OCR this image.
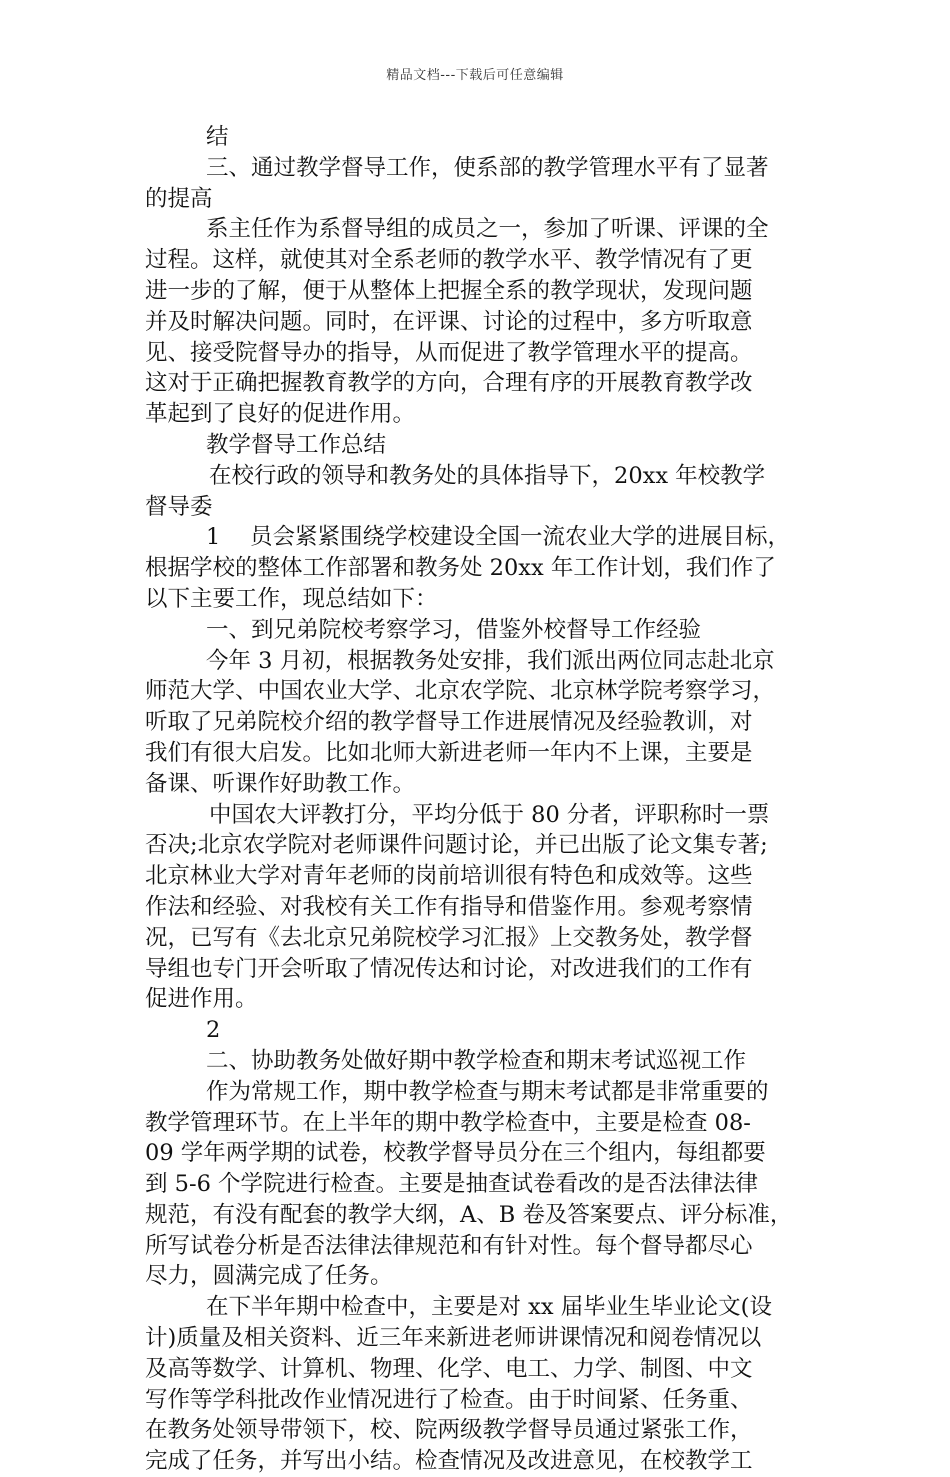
精品文档---下载后可任意编辑
结
三、通过教学督导工作，使系部的教学管理水平有了显著
的提高
系主任作为系督导组的成员之一，参加了听课、评课的全
过程。这样，就使其对全系老师的教学水平、教学情况有了更
进一步的了解，便于从整体上把握全系的教学现状，发现问题
并及时解决问题。同时，在评课、讨论的过程中，多方听取意
见、接受院督导办的指导，从而促进了教学管理水平的提高。
这对于正确把握教育教学的方向，合理有序的开展教育教学改
革起到了良好的促进作用。
教学督导工作总结
在校行政的领导和教务处的具体指导下，20xx 年校教学
督导委
1　 员会紧紧围绕学校建设全国一流农业大学的进展目标，
根据学校的整体工作部署和教务处 20xx 年工作计划，我们作了
以下主要工作，现总结如下：
一、到兄弟院校考察学习，借鉴外校督导工作经验
今年 3 月初，根据教务处安排，我们派出两位同志赴北京
师范大学、中国农业大学、北京农学院、北京林学院考察学习，
听取了兄弟院校介绍的教学督导工作进展情况及经验教训，对
我们有很大启发。比如北师大新进老师一年内不上课，主要是
备课、听课作好助教工作。
中国农大评教打分，平均分低于 80 分者，评职称时一票
否决;北京农学院对老师课件问题讨论，并已出版了论文集专著;
北京林业大学对青年老师的岗前培训很有特色和成效等。这些
作法和经验、对我校有关工作有指导和借鉴作用。参观考察情
况，已写有《去北京兄弟院校学习汇报》上交教务处，教学督
导组也专门开会听取了情况传达和讨论，对改进我们的工作有
促进作用。
2
二、协助教务处做好期中教学检查和期末考试巡视工作
作为常规工作，期中教学检查与期末考试都是非常重要的
教学管理环节。在上半年的期中教学检查中，主要是检查 08-
09 学年两学期的试卷，校教学督导员分在三个组内，每组都要
到 5-6 个学院进行检查。主要是抽查试卷看改的是否法律法律
规范，有没有配套的教学大纲，A、B 卷及答案要点、评分标准，
所写试卷分析是否法律法律规范和有针对性。每个督导都尽心
尽力，圆满完成了任务。
在下半年期中检查中，主要是对 xx 届毕业生毕业论文(设
计)质量及相关资料、近三年来新进老师讲课情况和阅卷情况以
及高等数学、计算机、物理、化学、电工、力学、制图、中文
写作等学科批改作业情况进行了检查。由于时间紧、任务重、
在教务处领导带领下，校、院两级教学督导员通过紧张工作，
完成了任务，并写出小结。检查情况及改进意见，在校教学工
